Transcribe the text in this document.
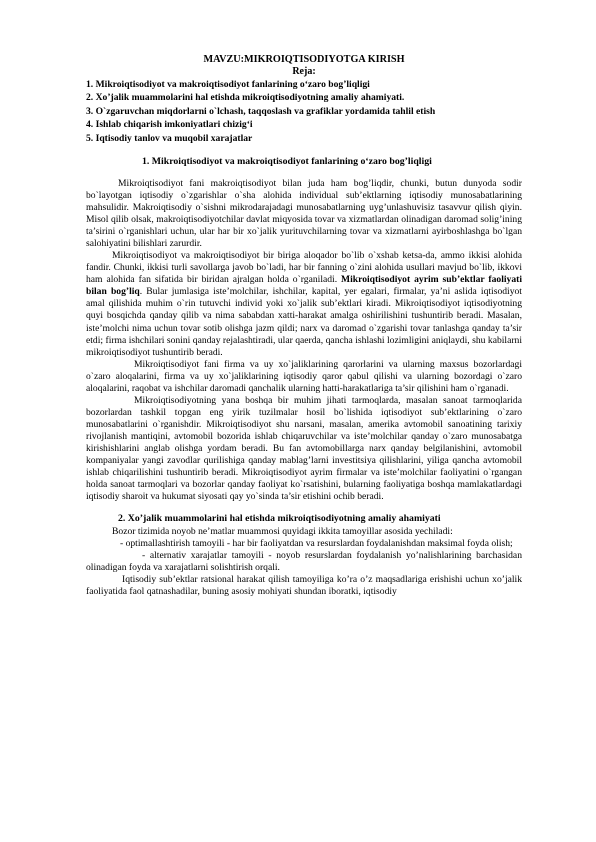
MAVZU:MIKROIQTISODIYOTGA KIRISH
Reja:
1. Mikroiqtisodiyot va makroiqtisodiyot fanlarining o‘zaro bog’liqligi
2. Xo’jalik muammolarini hal etishda mikroiqtisodiyotning amaliy ahamiyati.
3. O`zgaruvchan miqdorlarni o`lchash, taqqoslash va grafiklar yordamida tahlil etish
4. Ishlab chiqarish imkoniyatlari chizig‘i
5. Iqtisodiy tanlov va muqobil xarajatlar
1. Mikroiqtisodiyot va makroiqtisodiyot fanlarining o‘zaro bog’liqligi

Mikroiqtisodiyot fani makroiqtisodiyot bilan juda ham bog’liqdir, chunki, butun dunyoda sodir bo`layotgan iqtisodiy o`zgarishlar o`sha alohida individual sub’ektlarning iqtisodiy munosabatlarining mahsulidir. Makroiqtisodiy o`sishni mikrodarajadagi munosabatlarning uyg’unlashuvisiz tasavvur qilish qiyin. Misol qilib olsak, makroiqtisodiyotchilar davlat miqyosida tovar va xizmatlardan olinadigan daromad solig’ining ta’sirini o`rganishlari uchun, ular har bir xo`jalik yurituvchilarning tovar va xizmatlarni ayirboshlashga bo`lgan salohiyatini bilishlari zarurdir.

Mikroiqtisodiyot va makroiqtisodiyot bir biriga aloqador bo`lib o`xshab ketsa-da, ammo ikkisi alohida fandir. Chunki, ikkisi turli savollarga javob bo`ladi, har bir fanning o`zini alohida usullari mavjud bo`lib, ikkovi ham alohida fan sifatida bir biridan ajralgan holda o`rganiladi. Mikroiqtisodiyot ayrim sub’ektlar faoliyati bilan bog’liq. Bular jumlasiga iste’molchilar, ishchilar, kapital, yer egalari, firmalar, ya’ni aslida iqtisodiyot amal qilishida muhim o`rin tutuvchi individ yoki xo`jalik sub’ektlari kiradi. Mikroiqtisodiyot iqtisodiyotning quyi bosqichda qanday qilib va nima sababdan xatti-harakat amalga oshirilishini tushuntirib beradi. Masalan, iste’molchi nima uchun tovar sotib olishga jazm qildi; narx va daromad o`zgarishi tovar tanlashga qanday ta’sir etdi; firma ishchilari sonini qanday rejalashtiradi, ular qaerda, qancha ishlashi lozimligini aniqlaydi, shu kabilarni mikroiqtisodiyot tushuntirib beradi.

Mikroiqtisodiyot fani firma va uy xo`jaliklarining qarorlarini va ularning maxsus bozorlardagi o`zaro aloqalarini, firma va uy xo`jaliklarining iqtisodiy qaror qabul qilishi va ularning bozordagi o`zaro aloqalarini, raqobat va ishchilar daromadi qanchalik ularning hatti-harakatlariga ta’sir qilishini ham o`rganadi.

Mikroiqtisodiyotning yana boshqa bir muhim jihati tarmoqlarda, masalan sanoat tarmoqlarida bozorlardan tashkil topgan eng yirik tuzilmalar hosil bo`lishida iqtisodiyot sub’ektlarining o`zaro munosabatlarini o`rganishdir. Mikroiqtisodiyot shu narsani, masalan, amerika avtomobil sanoatining tarixiy rivojlanish mantiqini, avtomobil bozorida ishlab chiqaruvchilar va iste’molchilar qanday o`zaro munosabatga kirishishlarini anglab olishga yordam beradi. Bu fan avtomobillarga narx qanday belgilanishini, avtomobil kompaniyalar yangi zavodlar qurilishiga qanday mablag’larni investitsiya qilishlarini, yiliga qancha avtomobil ishlab chiqarilishini tushuntirib beradi. Mikroiqtisodiyot ayrim firmalar va iste’molchilar faoliyatini o`rgangan holda sanoat tarmoqlari va bozorlar qanday faoliyat ko`rsatishini, bularning faoliyatiga boshqa mamlakatlardagi iqtisodiy sharoit va hukumat siyosati qay yo`sinda ta’sir etishini ochib beradi.

2. Xo’jalik muammolarini hal etishda mikroiqtisodiyotning amaliy ahamiyati

Bozor tizimida noyob ne’matlar muammosi quyidagi ikkita tamoyillar asosida yechiladi:

- optimallashtirish tamoyili - har bir faoliyatdan va resurslardan foydalanishdan maksimal foyda olish;

- alternativ xarajatlar tamoyili - noyob resurslardan foydalanish yo’nalishlarining barchasidan olinadigan foyda va xarajatlarni solishtirish orqali.

Iqtisodiy sub’ektlar ratsional harakat qilish tamoyiliga ko’ra o’z maqsadlariga erishishi uchun xo’jalik faoliyatida faol qatnashadilar, buning asosiy mohiyati shundan iboratki, iqtisodiy
